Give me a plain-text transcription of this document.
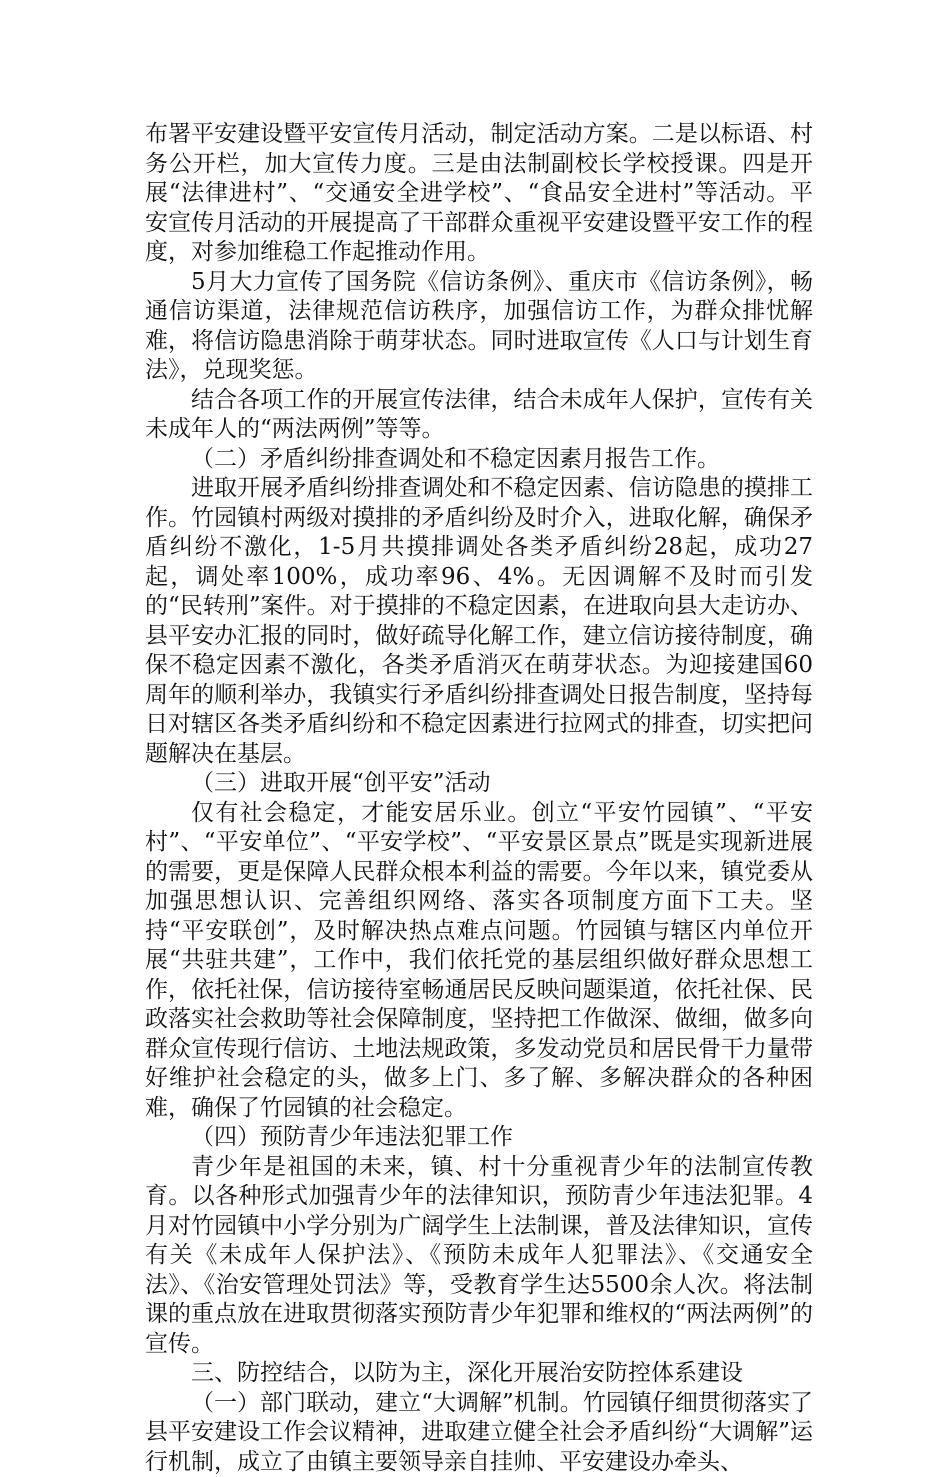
布署平安建设暨平安宣传月活动，制定活动方案。二是以标语、村务公开栏，加大宣传力度。三是由法制副校长学校授课。四是开展“法律进村”、“交通安全进学校”、“食品安全进村”等活动。平安宣传月活动的开展提高了干部群众重视平安建设暨平安工作的程度，对参加维稳工作起推动作用。

5月大力宣传了国务院《信访条例》、重庆市《信访条例》，畅通信访渠道，法律规范信访秩序，加强信访工作，为群众排忧解难，将信访隐患消除于萌芽状态。同时进取宣传《人口与计划生育法》，兑现奖惩。

结合各项工作的开展宣传法律，结合未成年人保护，宣传有关未成年人的“两法两例”等等。

（二）矛盾纠纷排查调处和不稳定因素月报告工作。

进取开展矛盾纠纷排查调处和不稳定因素、信访隐患的摸排工作。竹园镇村两级对摸排的矛盾纠纷及时介入，进取化解，确保矛盾纠纷不激化，1-5月共摸排调处各类矛盾纠纷28起，成功27起，调处率100%，成功率96、4%。无因调解不及时而引发的“民转刑”案件。对于摸排的不稳定因素，在进取向县大走访办、县平安办汇报的同时，做好疏导化解工作，建立信访接待制度，确保不稳定因素不激化，各类矛盾消灭在萌芽状态。为迎接建国60周年的顺利举办，我镇实行矛盾纠纷排查调处日报告制度，坚持每日对辖区各类矛盾纠纷和不稳定因素进行拉网式的排查，切实把问题解决在基层。

（三）进取开展“创平安”活动

仅有社会稳定，才能安居乐业。创立“平安竹园镇”、“平安村”、“平安单位”、“平安学校”、“平安景区景点”既是实现新进展的需要，更是保障人民群众根本利益的需要。今年以来，镇党委从加强思想认识、完善组织网络、落实各项制度方面下工夫。坚持“平安联创”，及时解决热点难点问题。竹园镇与辖区内单位开展“共驻共建”，工作中，我们依托党的基层组织做好群众思想工作，依托社保，信访接待室畅通居民反映问题渠道，依托社保、民政落实社会救助等社会保障制度，坚持把工作做深、做细，做多向群众宣传现行信访、土地法规政策，多发动党员和居民骨干力量带好维护社会稳定的头，做多上门、多了解、多解决群众的各种困难，确保了竹园镇的社会稳定。

（四）预防青少年违法犯罪工作

青少年是祖国的未来，镇、村十分重视青少年的法制宣传教育。以各种形式加强青少年的法律知识，预防青少年违法犯罪。4月对竹园镇中小学分别为广阔学生上法制课，普及法律知识，宣传有关《未成年人保护法》、《预防未成年人犯罪法》、《交通安全法》、《治安管理处罚法》等，受教育学生达5500余人次。将法制课的重点放在进取贯彻落实预防青少年犯罪和维权的“两法两例”的宣传。

三、防控结合，以防为主，深化开展治安防控体系建设

（一）部门联动，建立“大调解”机制。竹园镇仔细贯彻落实了县平安建设工作会议精神，进取建立健全社会矛盾纠纷“大调解”运行机制，成立了由镇主要领导亲自挂帅、平安建设办牵头、
